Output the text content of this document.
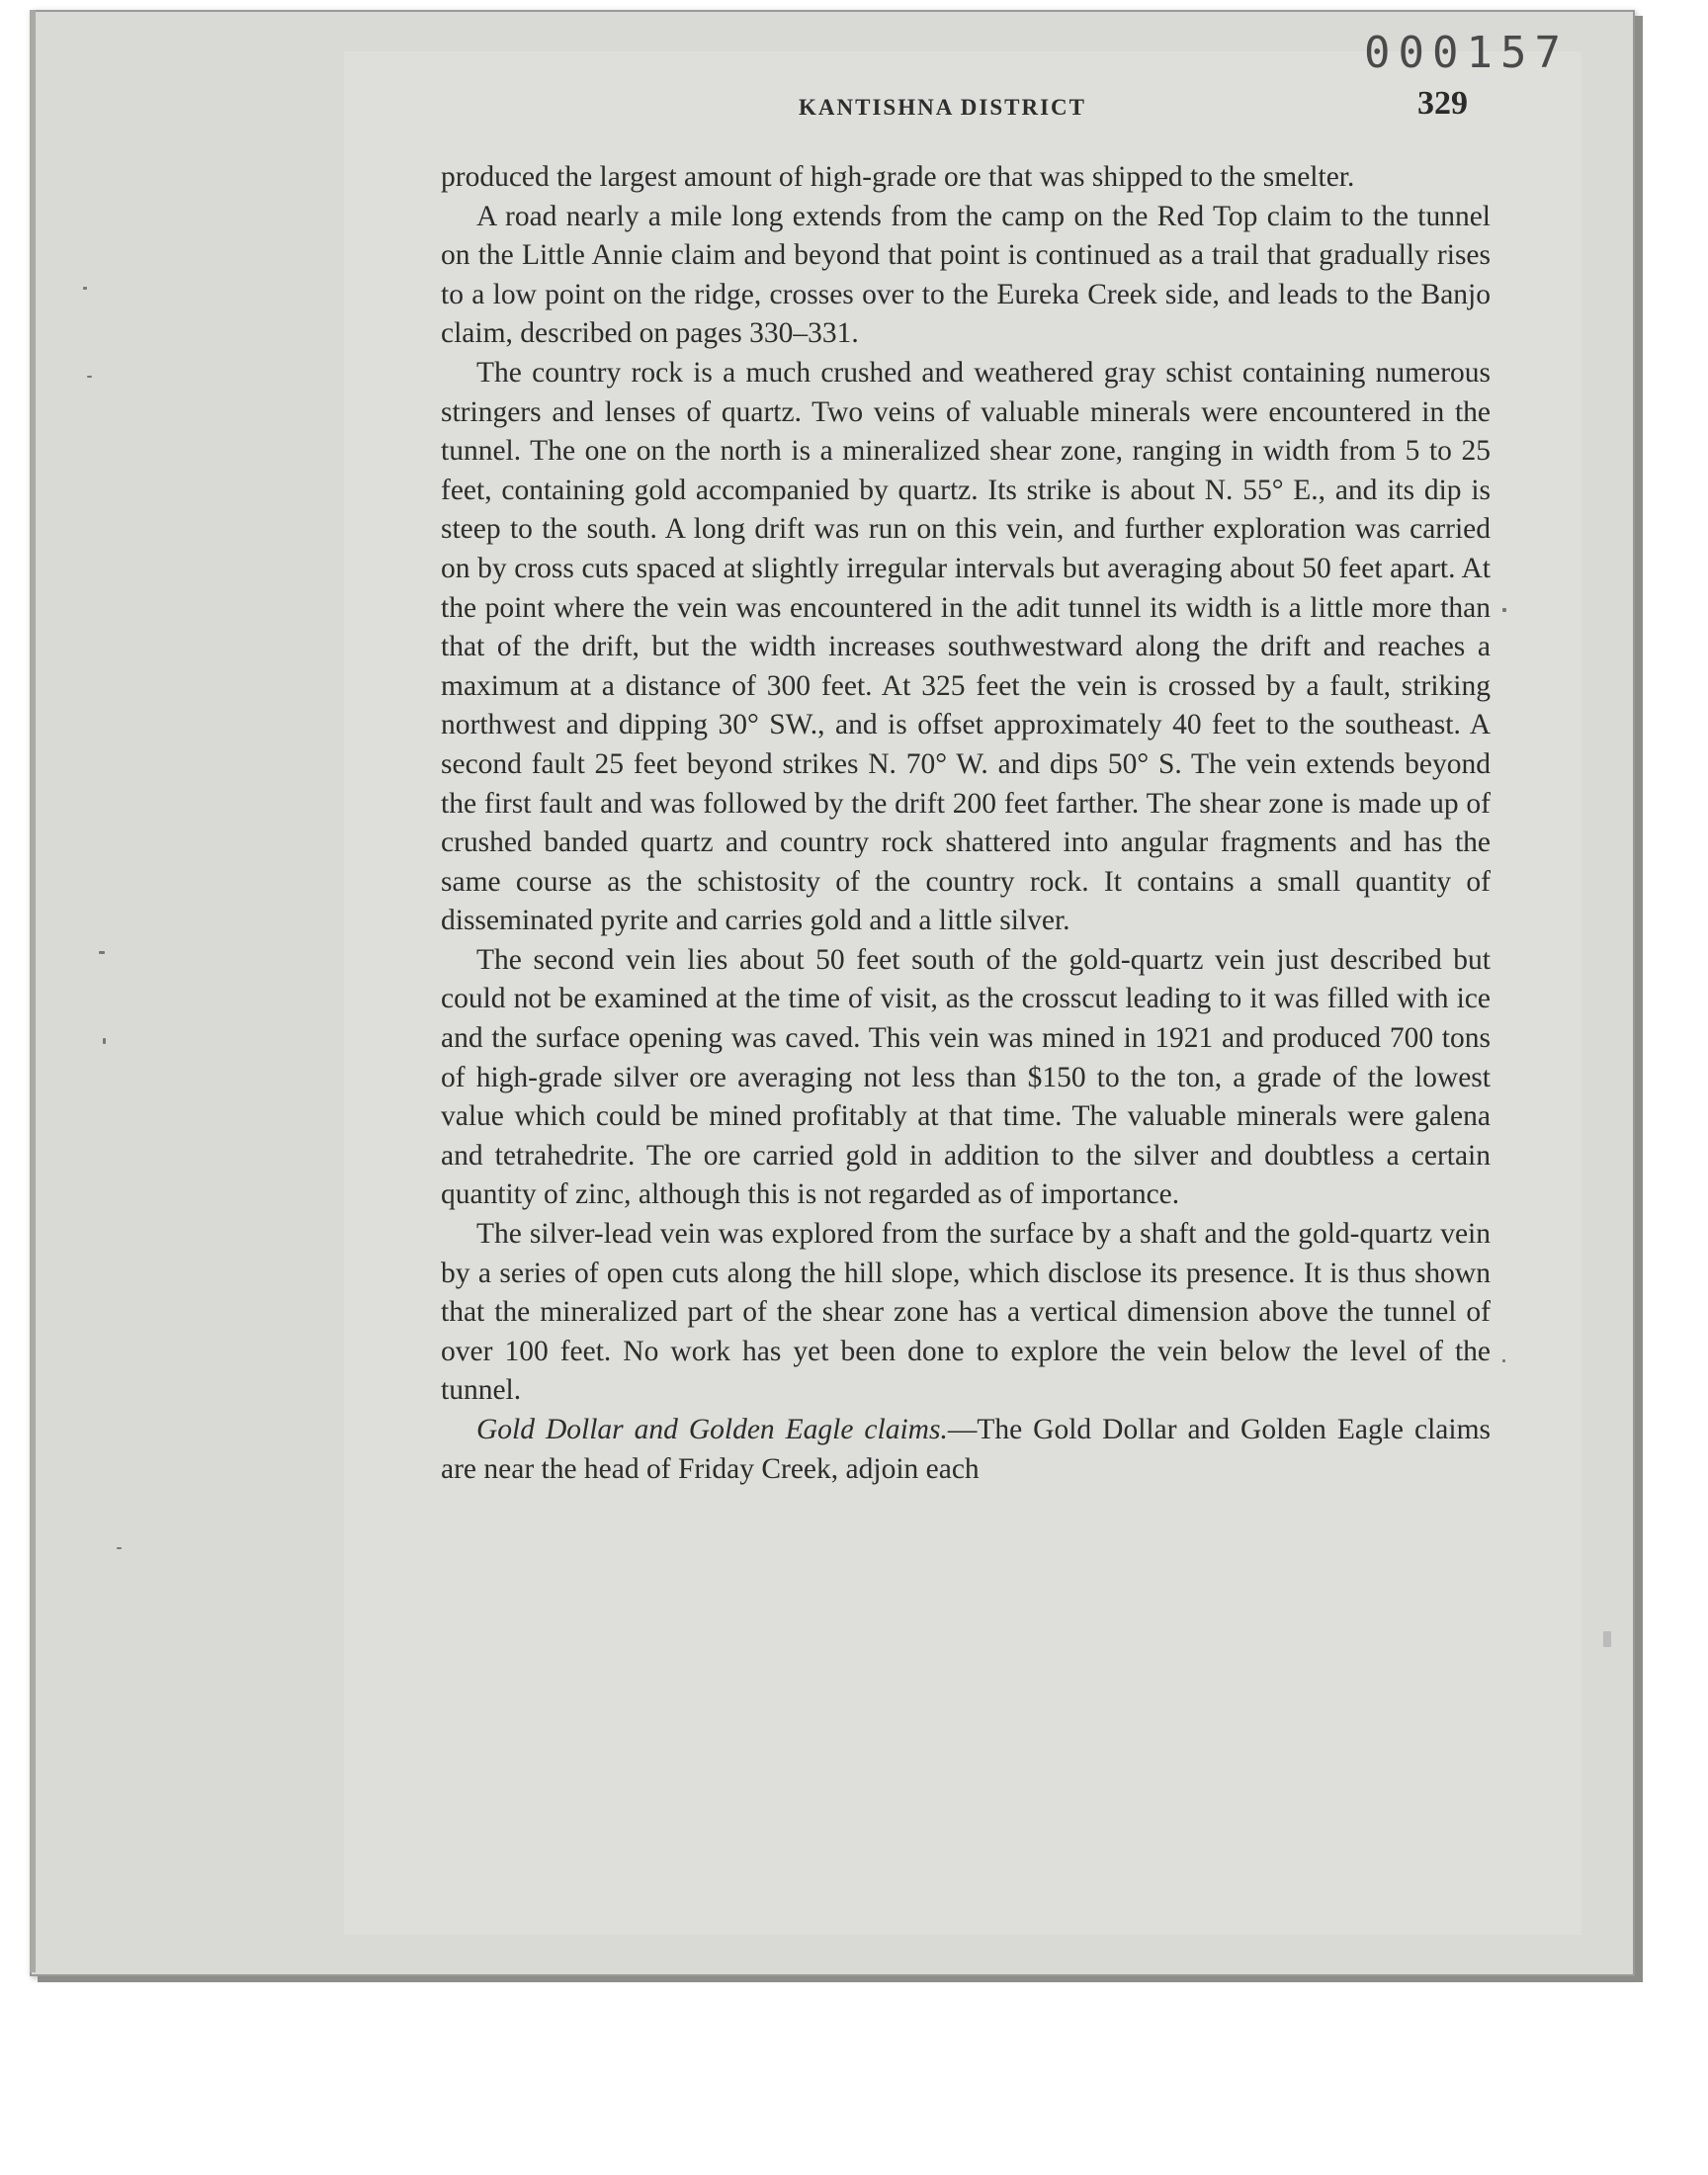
000157
KANTISHNA DISTRICT	329

produced the largest amount of high-grade ore that was shipped to the smelter.

A road nearly a mile long extends from the camp on the Red Top claim to the tunnel on the Little Annie claim and beyond that point is continued as a trail that gradually rises to a low point on the ridge, crosses over to the Eureka Creek side, and leads to the Banjo claim, described on pages 330–331.

The country rock is a much crushed and weathered gray schist containing numerous stringers and lenses of quartz. Two veins of valuable minerals were encountered in the tunnel. The one on the north is a mineralized shear zone, ranging in width from 5 to 25 feet, containing gold accompanied by quartz. Its strike is about N. 55° E., and its dip is steep to the south. A long drift was run on this vein, and further exploration was carried on by cross cuts spaced at slightly irregular intervals but averaging about 50 feet apart. At the point where the vein was encountered in the adit tunnel its width is a little more than that of the drift, but the width increases southwestward along the drift and reaches a maximum at a distance of 300 feet. At 325 feet the vein is crossed by a fault, striking northwest and dipping 30° SW., and is offset approximately 40 feet to the southeast. A second fault 25 feet beyond strikes N. 70° W. and dips 50° S. The vein extends beyond the first fault and was followed by the drift 200 feet farther. The shear zone is made up of crushed banded quartz and country rock shattered into angular fragments and has the same course as the schistosity of the country rock. It contains a small quantity of disseminated pyrite and carries gold and a little silver.

The second vein lies about 50 feet south of the gold-quartz vein just described but could not be examined at the time of visit, as the crosscut leading to it was filled with ice and the surface opening was caved. This vein was mined in 1921 and produced 700 tons of high-grade silver ore averaging not less than $150 to the ton, a grade of the lowest value which could be mined profitably at that time. The valuable minerals were galena and tetrahedrite. The ore carried gold in addition to the silver and doubtless a certain quantity of zinc, although this is not regarded as of importance.

The silver-lead vein was explored from the surface by a shaft and the gold-quartz vein by a series of open cuts along the hill slope, which disclose its presence. It is thus shown that the mineralized part of the shear zone has a vertical dimension above the tunnel of over 100 feet. No work has yet been done to explore the vein below the level of the tunnel.

Gold Dollar and Golden Eagle claims.—The Gold Dollar and Golden Eagle claims are near the head of Friday Creek, adjoin each
